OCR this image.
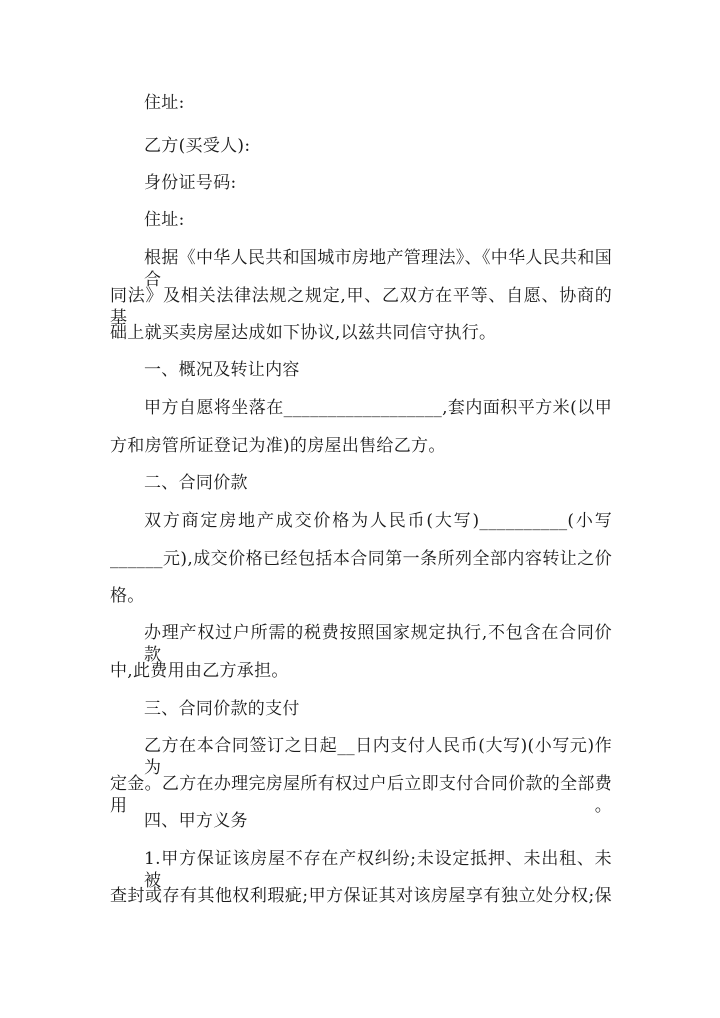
住址:

乙方(买受人):

身份证号码:

住址:

根据《中华人民共和国城市房地产管理法》、《中华人民共和国合

同法》及相关法律法规之规定,甲、乙双方在平等、自愿、协商的基

础上就买卖房屋达成如下协议,以兹共同信守执行。

一、概况及转让内容

甲方自愿将坐落在__________________,套内面积平方米(以甲

方和房管所证登记为准)的房屋出售给乙方。

二、合同价款

双方商定房地产成交价格为人民币(大写)__________(小写

______元),成交价格已经包括本合同第一条所列全部内容转让之价

格。

办理产权过户所需的税费按照国家规定执行,不包含在合同价款

中,此费用由乙方承担。

三、合同价款的支付

乙方在本合同签订之日起__日内支付人民币(大写)(小写元)作为

定金。乙方在办理完房屋所有权过户后立即支付合同价款的全部费用。

四、甲方义务

1.甲方保证该房屋不存在产权纠纷;未设定抵押、未出租、未被

查封或存有其他权利瑕疵;甲方保证其对该房屋享有独立处分权;保
